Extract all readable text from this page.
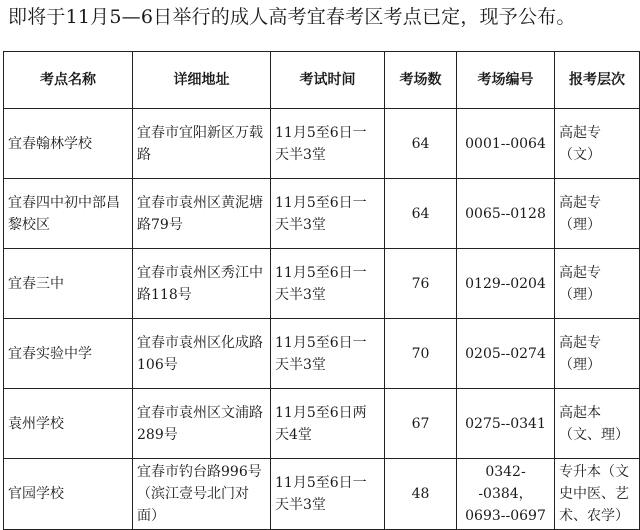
即将于11月5—6日举行的成人高考宜春考区考点已定，现予公布。
考点名称	详细地址	考试时间	考场数	考场编号	报考层次
宜春翰林学校	宜春市宜阳新区万载路	11月5至6日一天半3堂	64	0001--0064	高起专（文）
宜春四中初中部昌黎校区	宜春市袁州区黄泥塘路79号	11月5至6日一天半3堂	64	0065--0128	高起专（理）
宜春三中	宜春市袁州区秀江中路118号	11月5至6日一天半3堂	76	0129--0204	高起专（理）
宜春实验中学	宜春市袁州区化成路106号	11月5至6日一天半3堂	70	0205--0274	高起专（理）
袁州学校	宜春市袁州区文浦路289号	11月5至6日两天4堂	67	0275--0341	高起本（文、理）
官园学校	宜春市钓台路996号（滨江壹号北门对面）	11月5至6日一天半3堂	48	0342--0384，0693--0697	专升本（文史中医、艺术、农学）
